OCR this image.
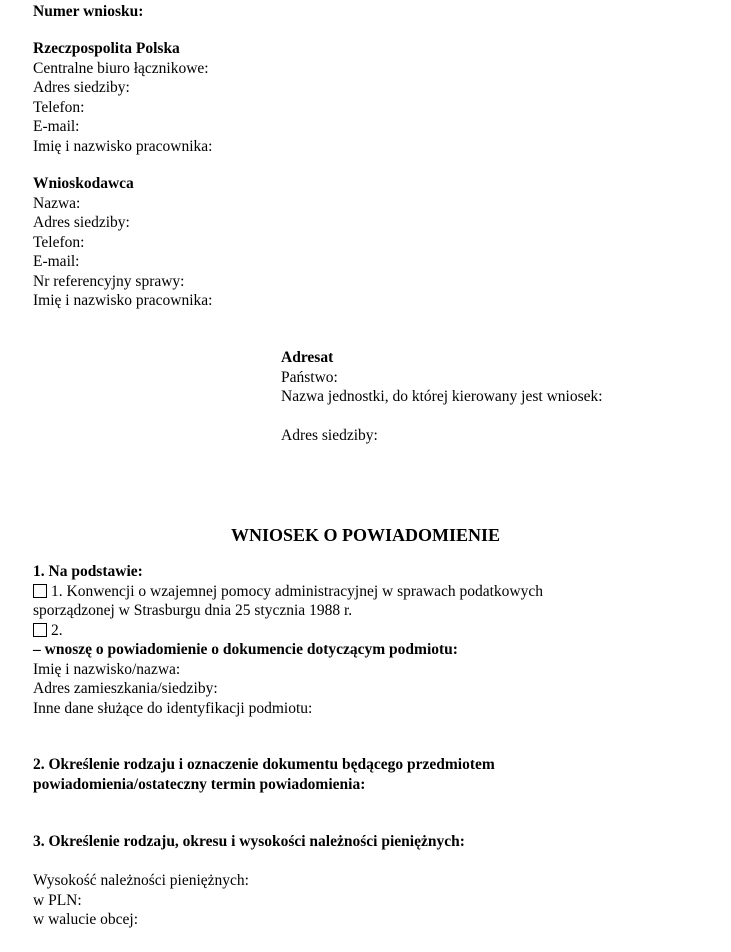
Numer wniosku:
Rzeczpospolita Polska
Centralne biuro łącznikowe:
Adres siedziby:
Telefon:
E-mail:
Imię i nazwisko pracownika:
Wnioskodawca
Nazwa:
Adres siedziby:
Telefon:
E-mail:
Nr referencyjny sprawy:
Imię i nazwisko pracownika:
Adresat
Państwo:
Nazwa jednostki, do której kierowany jest wniosek:
Adres siedziby:
WNIOSEK O POWIADOMIENIE
1. Na podstawie:
1. Konwencji o wzajemnej pomocy administracyjnej w sprawach podatkowych
sporządzonej w Strasburgu dnia 25 stycznia 1988 r.
2.
– wnoszę o powiadomienie o dokumencie dotyczącym podmiotu:
Imię i nazwisko/nazwa:
Adres zamieszkania/siedziby:
Inne dane służące do identyfikacji podmiotu:
2. Określenie rodzaju i oznaczenie dokumentu będącego przedmiotem
powiadomienia/ostateczny termin powiadomienia:
3. Określenie rodzaju, okresu i wysokości należności pieniężnych:
Wysokość należności pieniężnych:
w PLN:
w walucie obcej:
